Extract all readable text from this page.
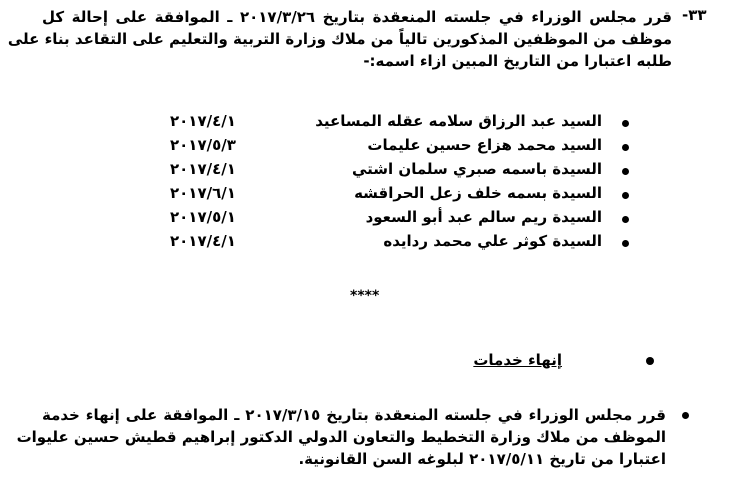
-٣٣
قرر مجلس الوزراء في جلسته المنعقدة بتاريخ ٢٠١٧/٣/٢٦ ـ الموافقة على إحالة كل
موظف من الموظفين المذكورين تالياً من ملاك وزارة التربية والتعليم على التقاعد بناء على
طلبه اعتبارا من التاريخ المبين ازاء اسمه:-
السيد عبد الرزاق سلامه عقله المساعيد
٢٠١٧/٤/١
السيد محمد هزاع حسين عليمات
٢٠١٧/٥/٣
السيدة باسمه صبري سلمان اشتي
٢٠١٧/٤/١
السيدة بسمه خلف زعل الحراقشه
٢٠١٧/٦/١
السيدة ريم سالم عبد أبو السعود
٢٠١٧/٥/١
السيدة كوثر علي محمد ردايده
٢٠١٧/٤/١
****
إنهاء خدمات
قرر مجلس الوزراء في جلسته المنعقدة بتاريخ ٢٠١٧/٣/١٥ ـ الموافقة على إنهاء خدمة
الموظف من ملاك وزارة التخطيط والتعاون الدولي الدكتور إبراهيم قطيش حسين عليوات
اعتبارا من تاريخ ٢٠١٧/٥/١١ لبلوغه السن القانونية.
